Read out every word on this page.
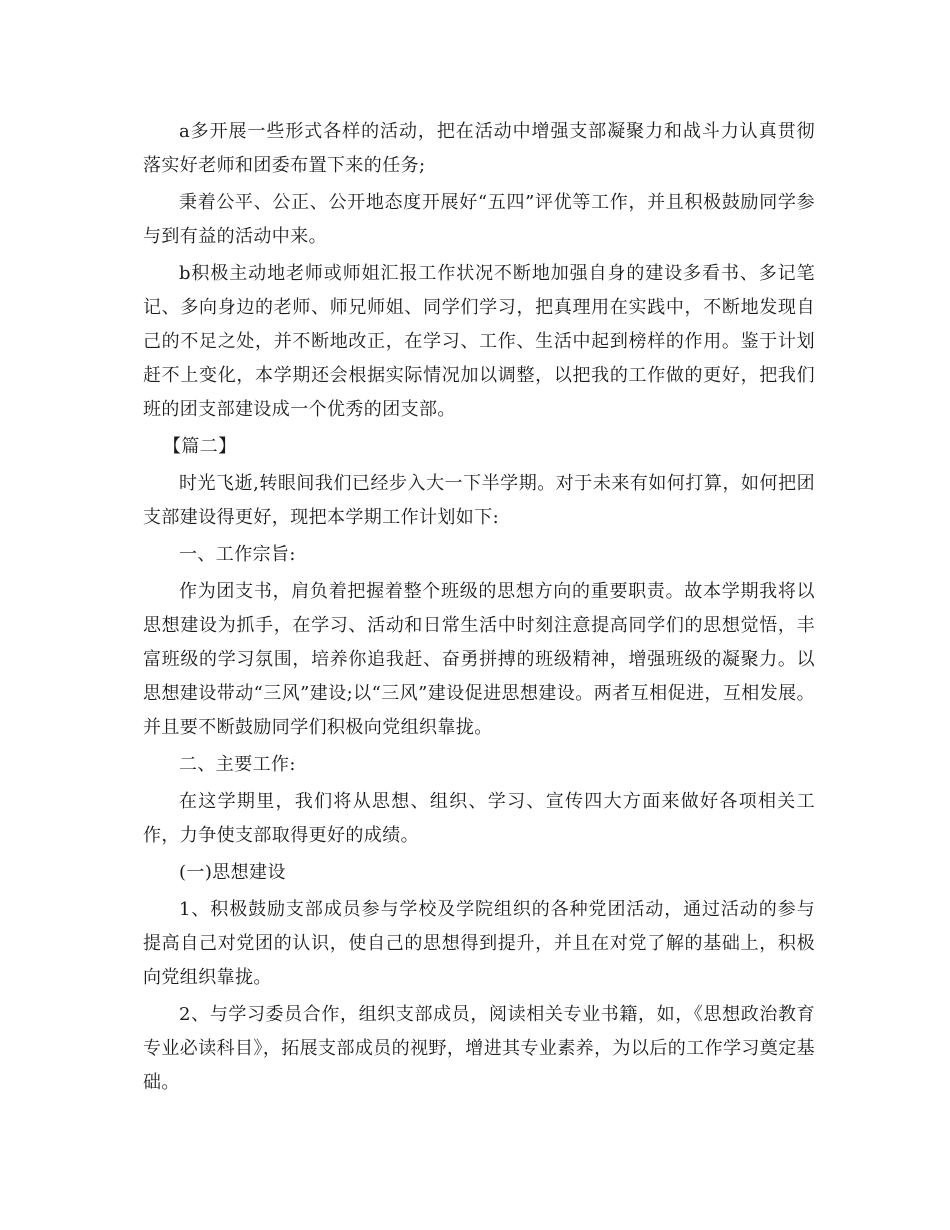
a多开展一些形式各样的活动，把在活动中增强支部凝聚力和战斗力认真贯彻落实好老师和团委布置下来的任务;

秉着公平、公正、公开地态度开展好“五四”评优等工作，并且积极鼓励同学参与到有益的活动中来。

b积极主动地老师或师姐汇报工作状况不断地加强自身的建设多看书、多记笔记、多向身边的老师、师兄师姐、同学们学习，把真理用在实践中，不断地发现自己的不足之处，并不断地改正，在学习、工作、生活中起到榜样的作用。鉴于计划赶不上变化，本学期还会根据实际情况加以调整，以把我的工作做的更好，把我们班的团支部建设成一个优秀的团支部。

【篇二】

时光飞逝,转眼间我们已经步入大一下半学期。对于未来有如何打算，如何把团支部建设得更好，现把本学期工作计划如下:

一、工作宗旨:

作为团支书，肩负着把握着整个班级的思想方向的重要职责。故本学期我将以思想建设为抓手，在学习、活动和日常生活中时刻注意提高同学们的思想觉悟，丰富班级的学习氛围，培养你追我赶、奋勇拼搏的班级精神，增强班级的凝聚力。以思想建设带动“三风”建设;以“三风”建设促进思想建设。两者互相促进，互相发展。并且要不断鼓励同学们积极向党组织靠拢。

二、主要工作:

在这学期里，我们将从思想、组织、学习、宣传四大方面来做好各项相关工作，力争使支部取得更好的成绩。

(一)思想建设

1、积极鼓励支部成员参与学校及学院组织的各种党团活动，通过活动的参与提高自己对党团的认识，使自己的思想得到提升，并且在对党了解的基础上，积极向党组织靠拢。

2、与学习委员合作，组织支部成员，阅读相关专业书籍，如，《思想政治教育专业必读科目》，拓展支部成员的视野，增进其专业素养，为以后的工作学习奠定基础。
